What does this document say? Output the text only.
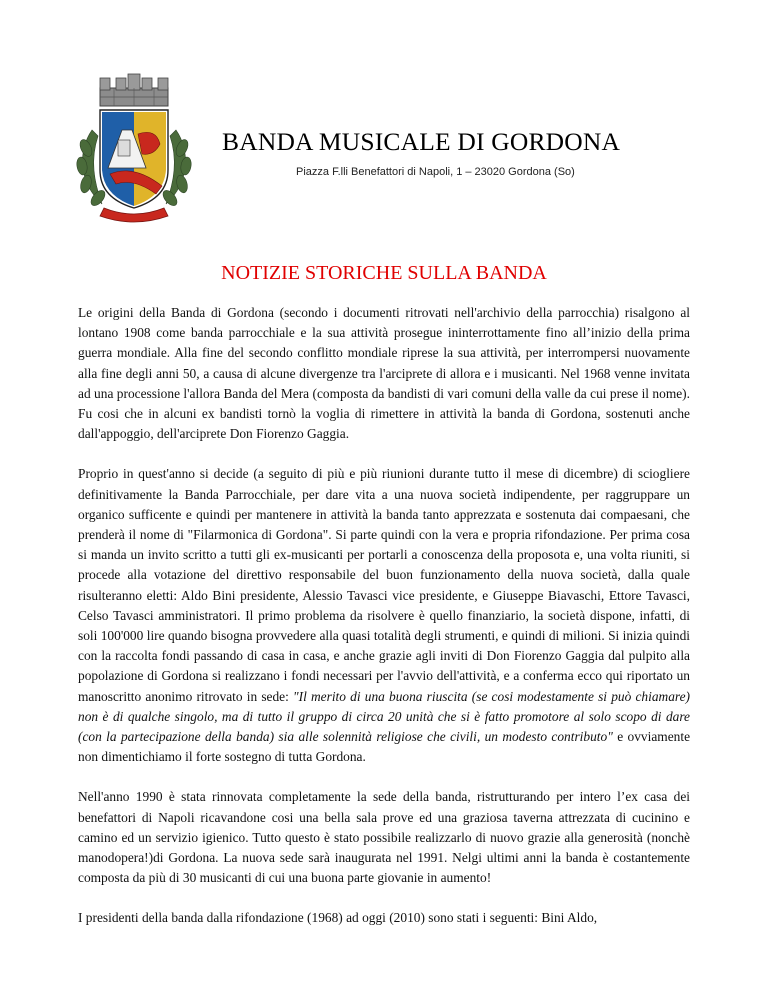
BANDA MUSICALE DI GORDONA
Piazza F.lli Benefattori di Napoli, 1 – 23020 Gordona (So)
NOTIZIE STORICHE SULLA BANDA

Le origini della Banda di Gordona (secondo i documenti ritrovati nell'archivio della parrocchia) risalgono al lontano 1908 come banda parrocchiale e la sua attività prosegue ininterrottamente fino all’inizio della prima guerra mondiale. Alla fine del secondo conflitto mondiale riprese la sua attività, per interrompersi nuovamente alla fine degli anni 50, a causa di alcune divergenze tra l'arciprete di allora e i musicanti. Nel 1968 venne invitata ad una processione l'allora Banda del Mera (composta da bandisti di vari comuni della valle da cui prese il nome). Fu cosi che in alcuni ex bandisti tornò la voglia di rimettere in attività la banda di Gordona, sostenuti anche dall'appoggio, dell'arciprete Don Fiorenzo Gaggia.

Proprio in quest'anno si decide (a seguito di più e più riunioni durante tutto il mese di dicembre) di sciogliere definitivamente la Banda Parrocchiale, per dare vita a una nuova società indipendente, per raggruppare un organico sufficente e quindi per mantenere in attività la banda tanto apprezzata e sostenuta dai compaesani, che prenderà il nome di "Filarmonica di Gordona". Si parte quindi con la vera e propria rifondazione. Per prima cosa si manda un invito scritto a tutti gli ex-musicanti per portarli a conoscenza della proposota e, una volta riuniti, si procede alla votazione del direttivo responsabile del buon funzionamento della nuova società, dalla quale risulteranno eletti: Aldo Bini presidente, Alessio Tavasci vice presidente, e Giuseppe Biavaschi, Ettore Tavasci, Celso Tavasci amministratori. Il primo problema da risolvere è quello finanziario, la società dispone, infatti, di soli 100'000 lire quando bisogna provvedere alla quasi totalità degli strumenti, e quindi di milioni. Si inizia quindi con la raccolta fondi passando di casa in casa, e anche grazie agli inviti di Don Fiorenzo Gaggia dal pulpito alla popolazione di Gordona si realizzano i fondi necessari per l'avvio dell'attività, e a conferma ecco qui riportato un manoscritto anonimo ritrovato in sede: "Il merito di una buona riuscita (se cosi modestamente si può chiamare) non è di qualche singolo, ma di tutto il gruppo di circa 20 unità che si è fatto promotore al solo scopo di dare (con la partecipazione della banda) sia alle solennità religiose che civili, un modesto contributo" e ovviamente non dimentichiamo il forte sostegno di tutta Gordona.

Nell'anno 1990 è stata rinnovata completamente la sede della banda, ristrutturando per intero l’ex casa dei benefattori di Napoli ricavandone cosi una bella sala prove ed una graziosa taverna attrezzata di cucinino e camino ed un servizio igienico. Tutto questo è stato possibile realizzarlo di nuovo grazie alla generosità (nonchè manodopera!)di Gordona. La nuova sede sarà inaugurata nel 1991. Nelgi ultimi anni la banda è costantemente composta da più di 30 musicanti di cui una buona parte giovanie in aumento!

I presidenti della banda dalla rifondazione (1968) ad oggi (2010) sono stati i seguenti: Bini Aldo,
